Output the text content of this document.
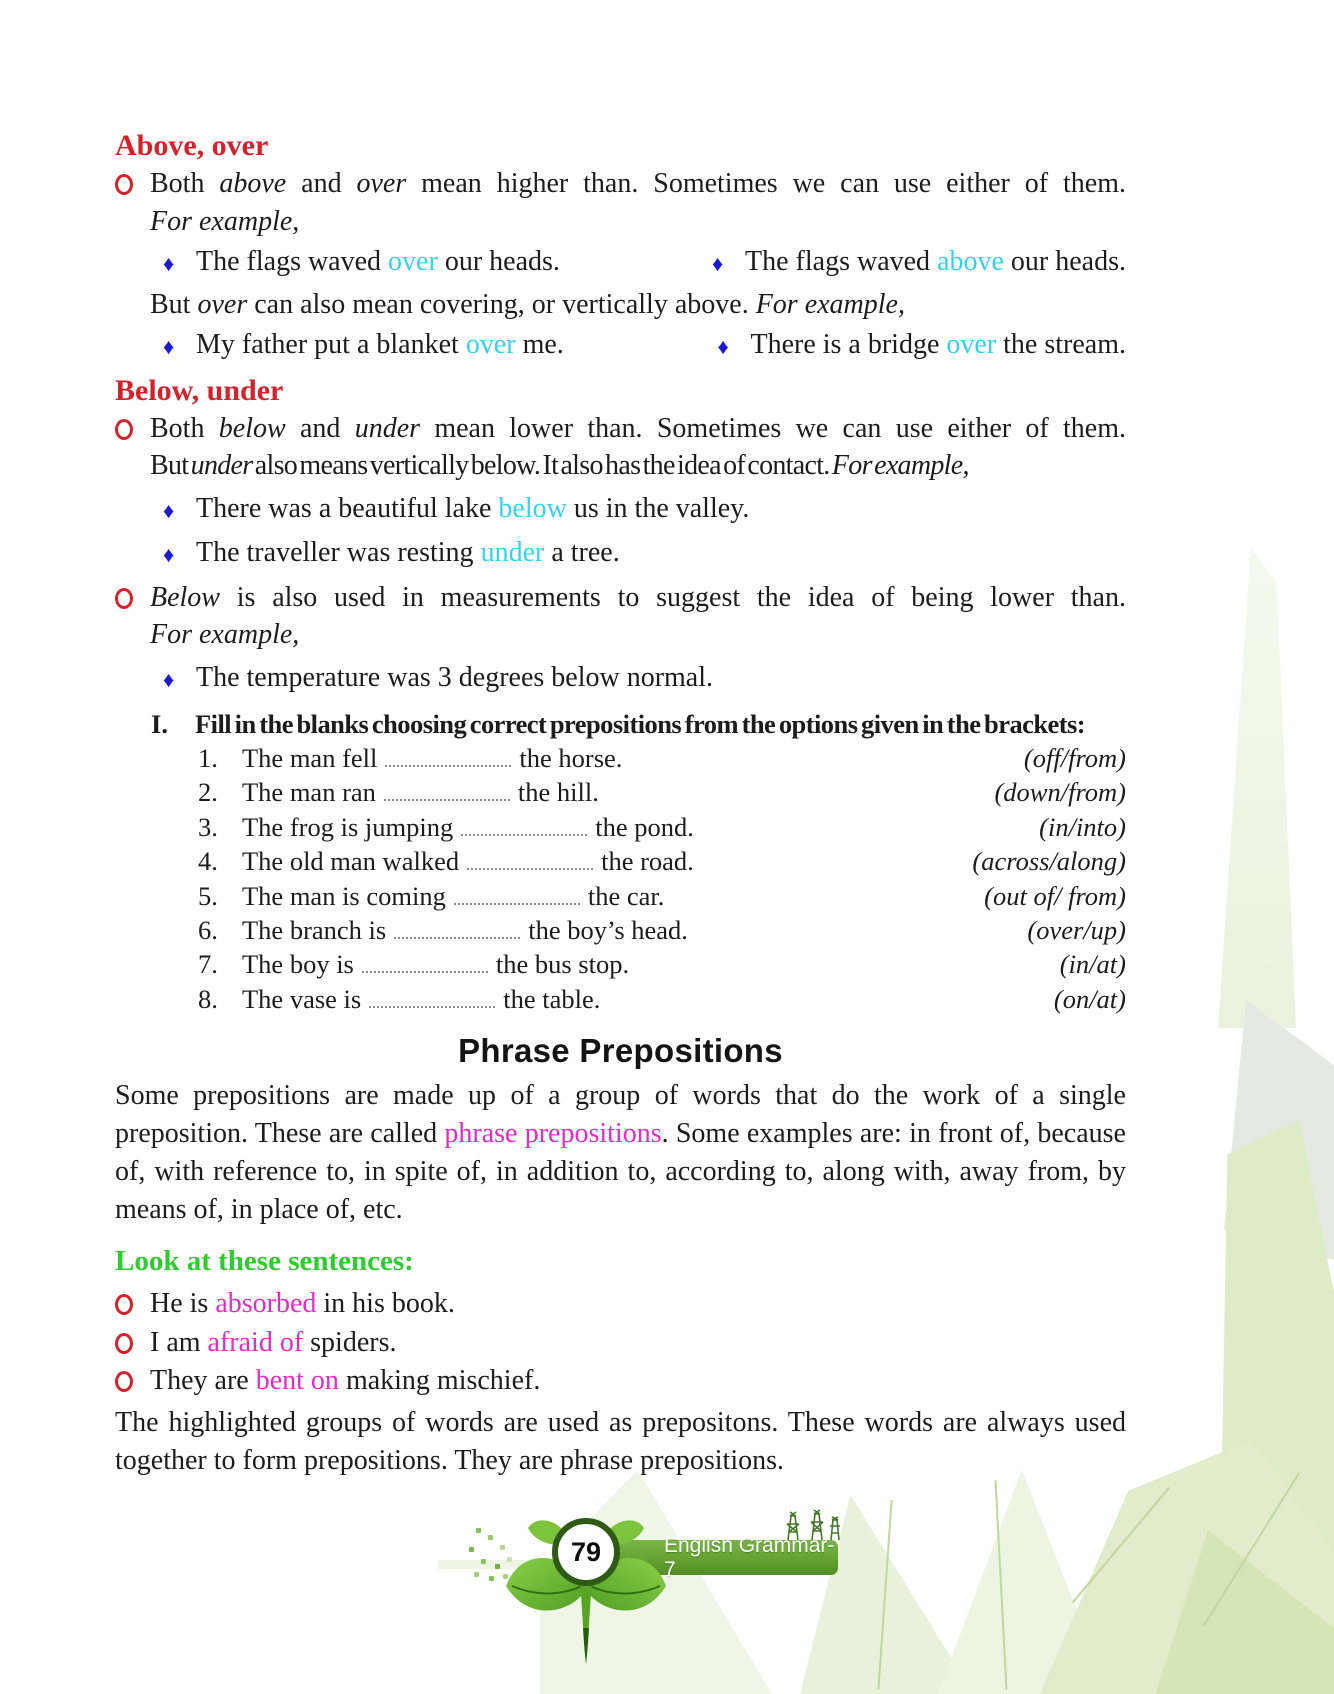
Above, over
Both above and over mean higher than. Sometimes we can use either of them.
For example,
♦ The flags waved over our heads.	♦ The flags waved above our heads.
But over can also mean covering, or vertically above. For example,
♦ My father put a blanket over me.	♦ There is a bridge over the stream.
Below, under
Both below and under mean lower than. Sometimes we can use either of them.
But under also means vertically below. It also has the idea of contact. For example,
♦ There was a beautiful lake below us in the valley.
♦ The traveller was resting under a tree.
Below is also used in measurements to suggest the idea of being lower than.
For example,
♦ The temperature was 3 degrees below normal.
I.	Fill in the blanks choosing correct prepositions from the options given in the brackets:
1. The man fell	the horse.	(off/from)
2. The man ran	the hill.	(down/from)
3. The frog is jumping	the pond.	(in/into)
4. The old man walked	the road.	(across/along)
5. The man is coming	the car.	(out of/ from)
6. The branch is	the boy’s head.	(over/up)
7. The boy is	the bus stop.	(in/at)
8. The vase is	the table.	(on/at)
Phrase Prepositions
Some prepositions are made up of a group of words that do the work of a single preposition. These are called phrase prepositions. Some examples are: in front of, because of, with reference to, in spite of, in addition to, according to, along with, away from, by means of, in place of, etc.
Look at these sentences:
He is absorbed in his book.
I am afraid of spiders.
They are bent on making mischief.
The highlighted groups of words are used as prepositons. These words are always used together to form prepositions. They are phrase prepositions.
English Grammar-7
79
